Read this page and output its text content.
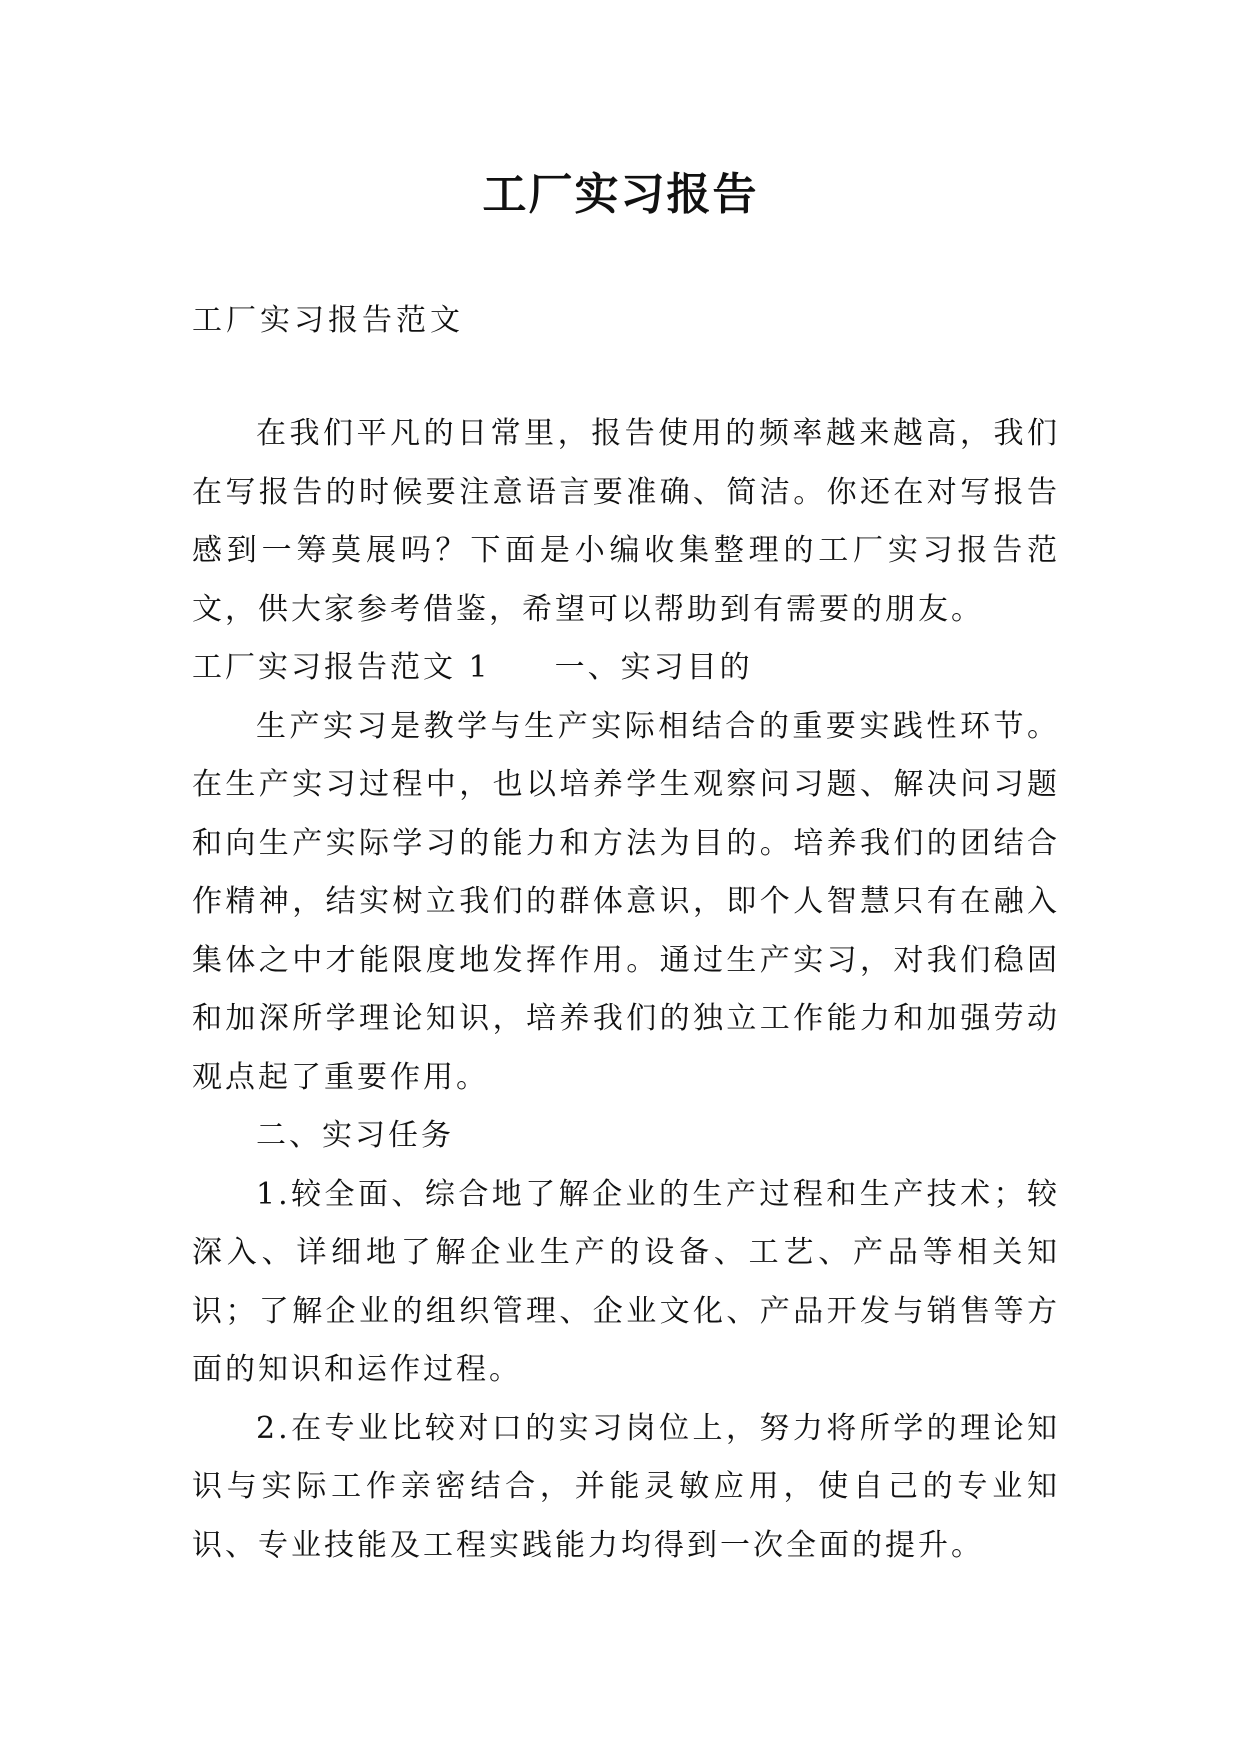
工厂实习报告

工厂实习报告范文

在我们平凡的日常里，报告使用的频率越来越高，我们在写报告的时候要注意语言要准确、简洁。你还在对写报告感到一筹莫展吗？下面是小编收集整理的工厂实习报告范文，供大家参考借鉴，希望可以帮助到有需要的朋友。

工厂实习报告范文 1 一、实习目的

生产实习是教学与生产实际相结合的重要实践性环节。在生产实习过程中，也以培养学生观察问习题、解决问习题和向生产实际学习的能力和方法为目的。培养我们的团结合作精神，结实树立我们的群体意识，即个人智慧只有在融入集体之中才能限度地发挥作用。通过生产实习，对我们稳固和加深所学理论知识，培养我们的独立工作能力和加强劳动观点起了重要作用。

二、实习任务

1.较全面、综合地了解企业的生产过程和生产技术；较深入、详细地了解企业生产的设备、工艺、产品等相关知识；了解企业的组织管理、企业文化、产品开发与销售等方面的知识和运作过程。

2.在专业比较对口的实习岗位上，努力将所学的理论知识与实际工作亲密结合，并能灵敏应用，使自己的专业知识、专业技能及工程实践能力均得到一次全面的提升。
